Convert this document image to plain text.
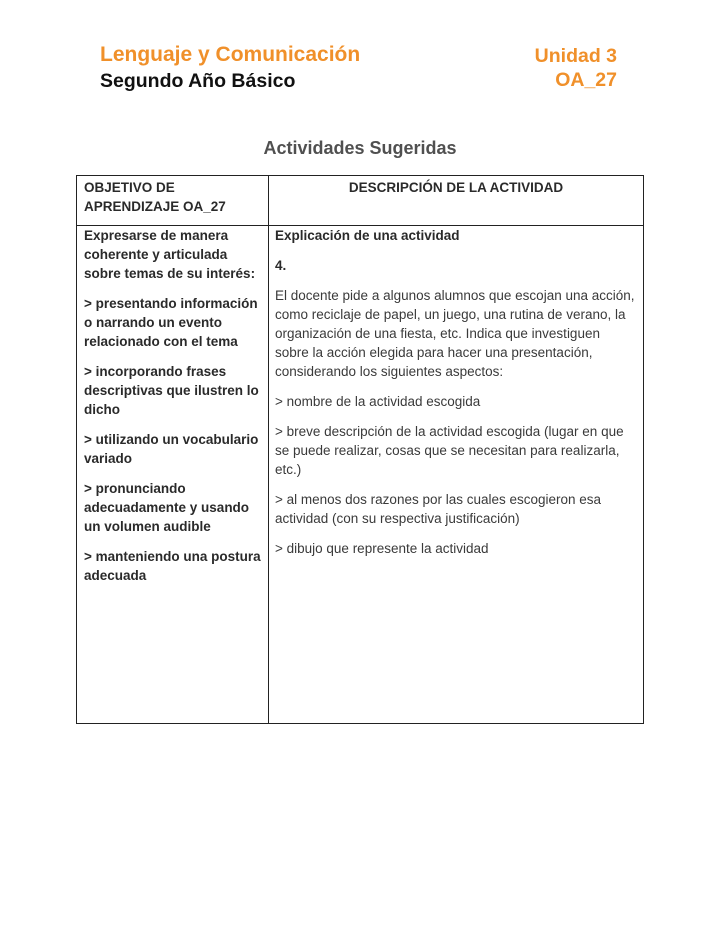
Lenguaje y Comunicación
Segundo Año Básico
Unidad 3
OA_27
Actividades Sugeridas
OBJETIVO DE APRENDIZAJE OA_27
DESCRIPCIÓN DE LA ACTIVIDAD

Expresarse de manera coherente y articulada sobre temas de su interés:

> presentando información o narrando un evento relacionado con el tema

> incorporando frases descriptivas que ilustren lo dicho

> utilizando un vocabulario variado

> pronunciando adecuadamente y usando un volumen audible

> manteniendo una postura adecuada

Explicación de una actividad

4.

El docente pide a algunos alumnos que escojan una acción, como reciclaje de papel, un juego, una rutina de verano, la organización de una fiesta, etc. Indica que investiguen sobre la acción elegida para hacer una presentación, considerando los siguientes aspectos:

> nombre de la actividad escogida

> breve descripción de la actividad escogida (lugar en que se puede realizar, cosas que se necesitan para realizarla, etc.)

> al menos dos razones por las cuales escogieron esa actividad (con su respectiva justificación)

> dibujo que represente la actividad
